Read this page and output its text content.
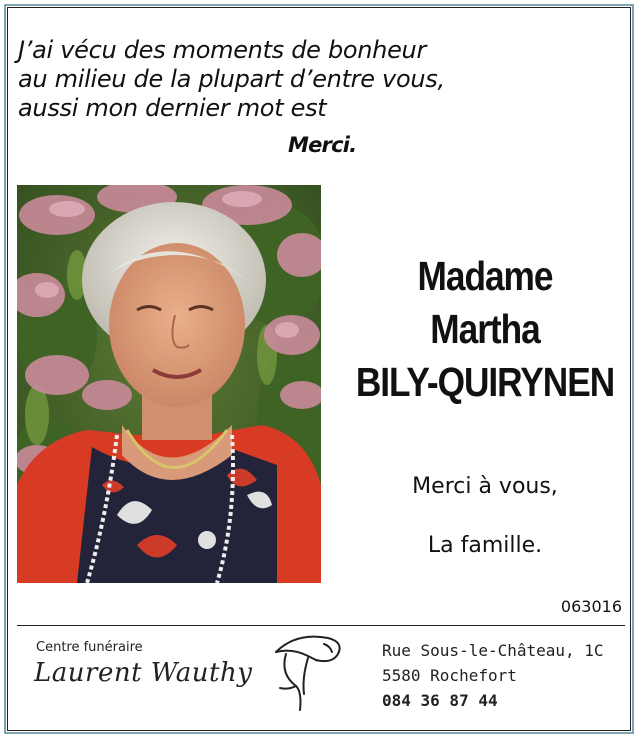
J’ai vécu des moments de bonheur
au milieu de la plupart d’entre vous,
aussi mon dernier mot est
Merci.
Madame
Martha
BILY-QUIRYNEN
Merci à vous,
La famille.
063016
Centre funéraire
Laurent Wauthy
Rue Sous-le-Château, 1C
5580 Rochefort
084 36 87 44
